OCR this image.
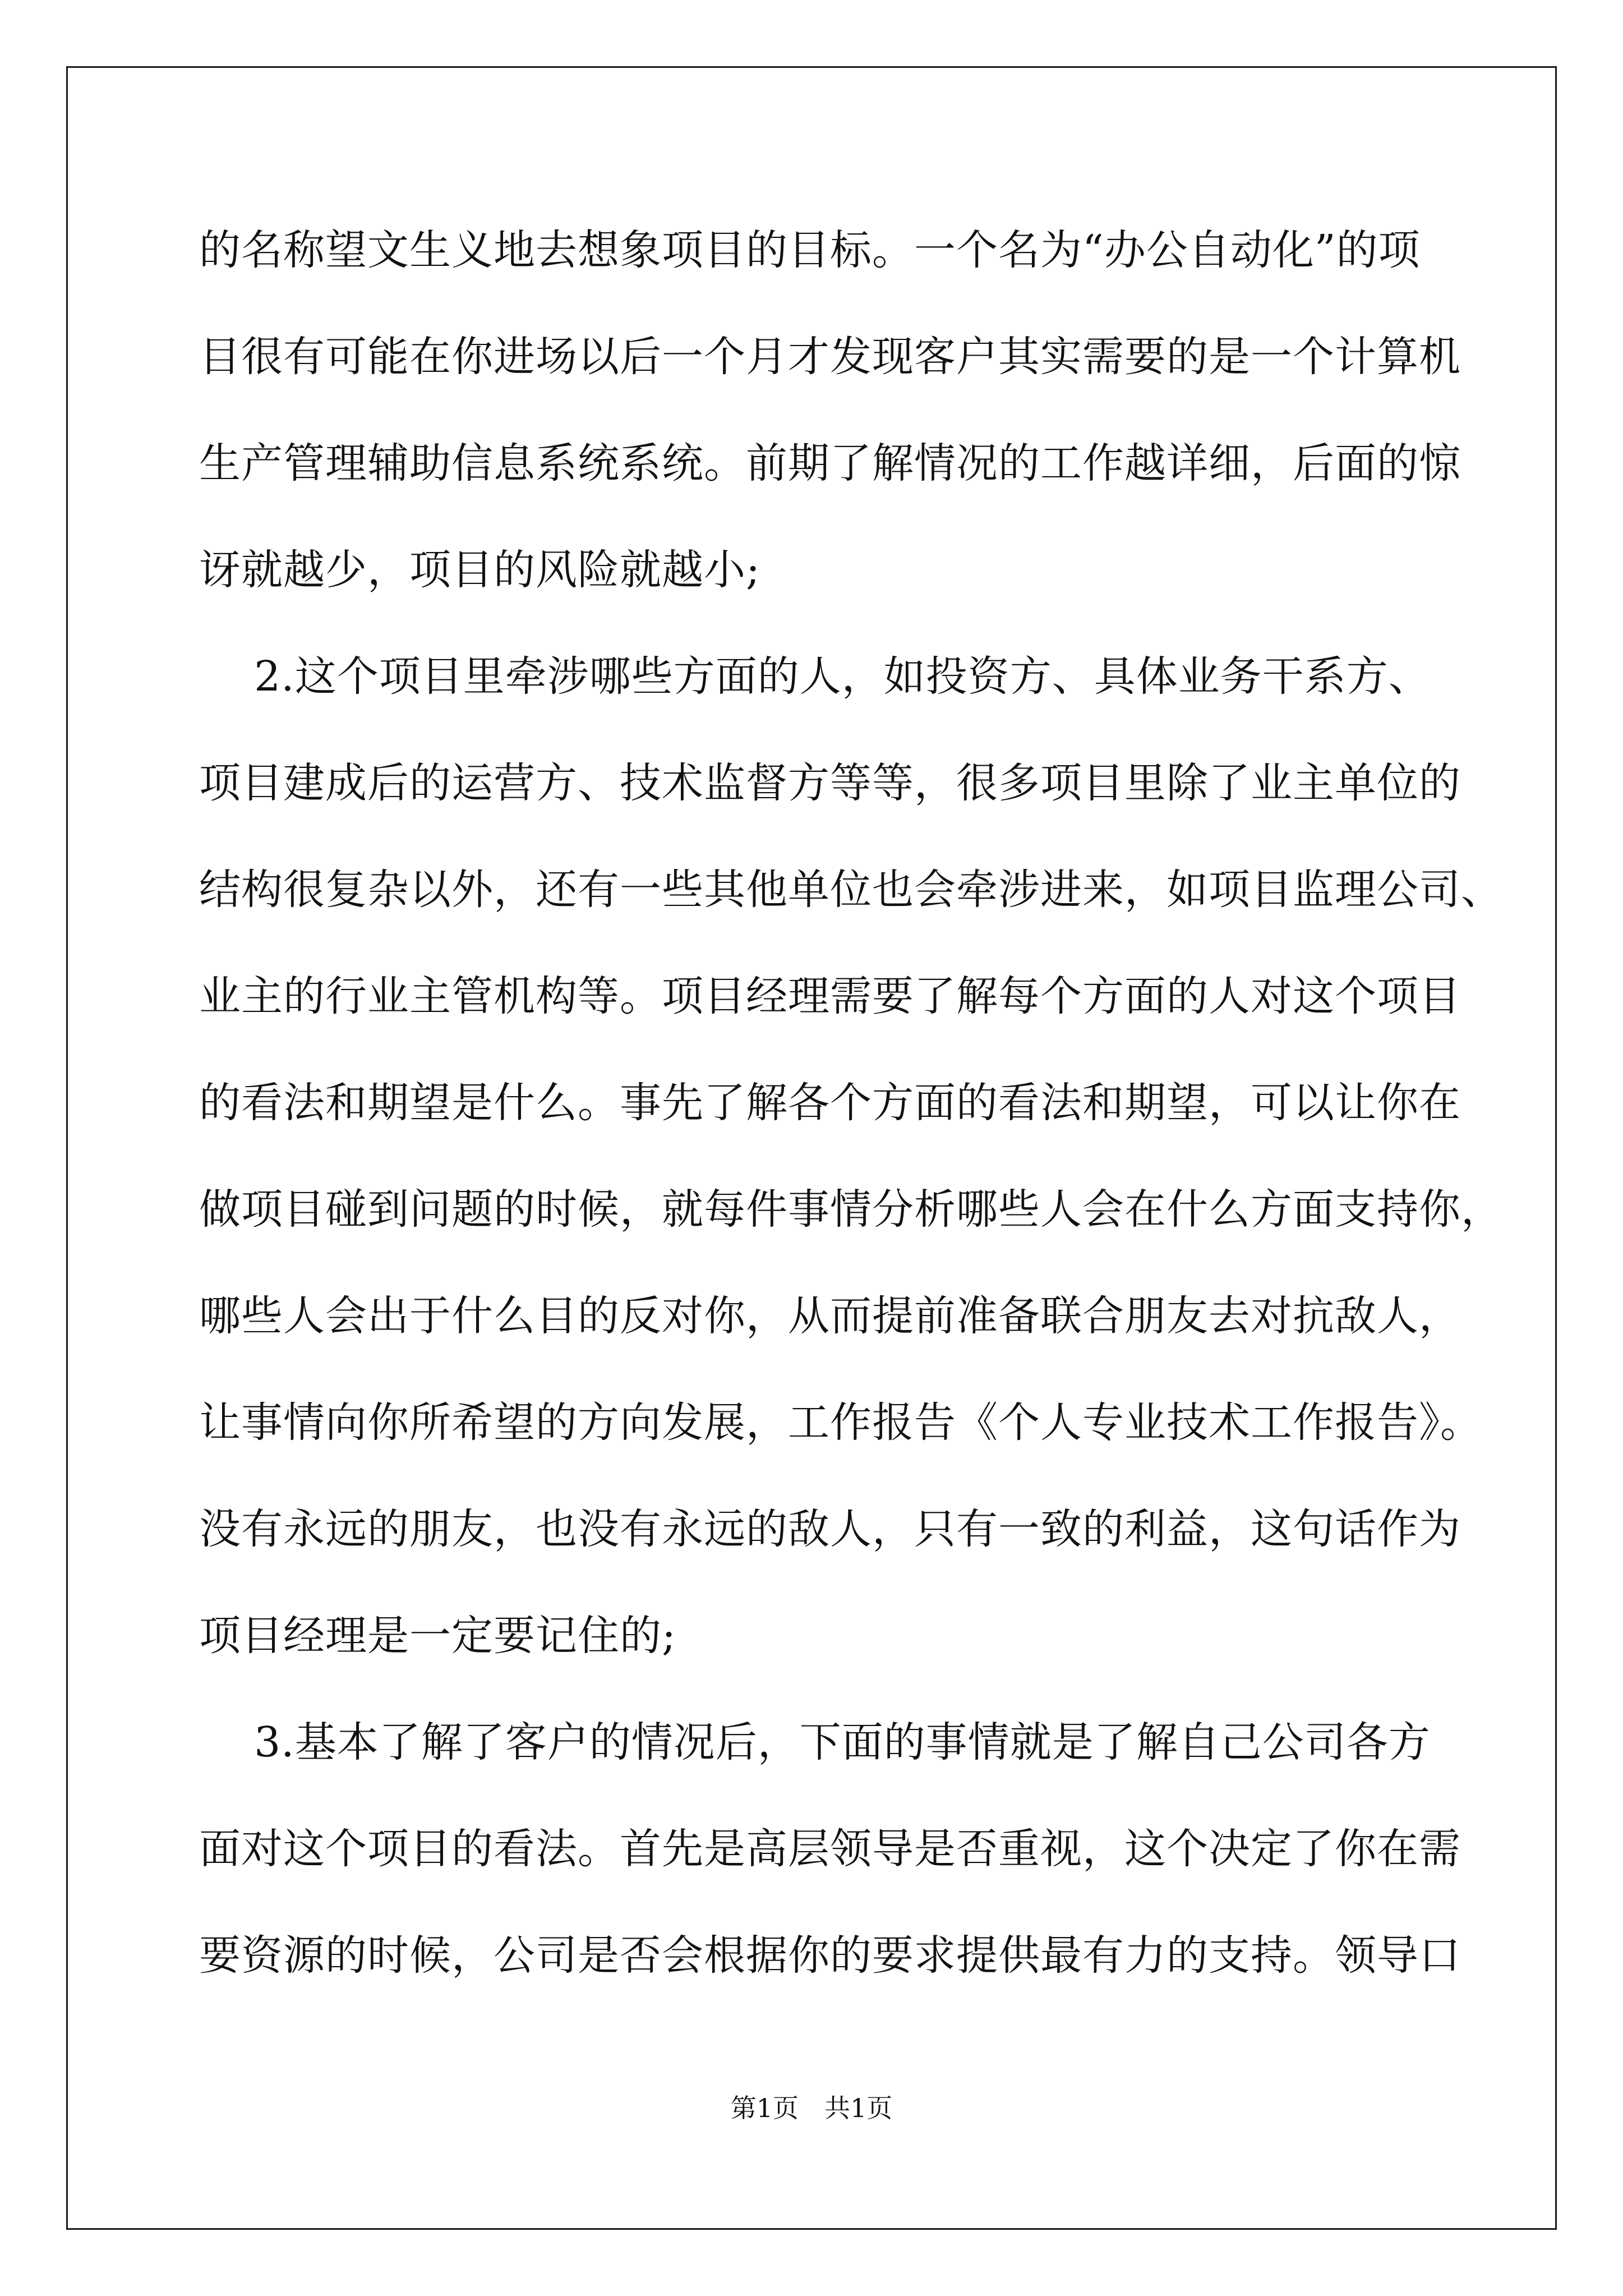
的名称望文生义地去想象项目的目标。一个名为“办公自动化”的项
目很有可能在你进场以后一个月才发现客户其实需要的是一个计算机
生产管理辅助信息系统系统。前期了解情况的工作越详细，后面的惊
讶就越少，项目的风险就越小;
2.这个项目里牵涉哪些方面的人，如投资方、具体业务干系方、
项目建成后的运营方、技术监督方等等，很多项目里除了业主单位的
结构很复杂以外，还有一些其他单位也会牵涉进来，如项目监理公司、
业主的行业主管机构等。项目经理需要了解每个方面的人对这个项目
的看法和期望是什么。事先了解各个方面的看法和期望，可以让你在
做项目碰到问题的时候，就每件事情分析哪些人会在什么方面支持你，
哪些人会出于什么目的反对你，从而提前准备联合朋友去对抗敌人，
让事情向你所希望的方向发展，工作报告《个人专业技术工作报告》。
没有永远的朋友，也没有永远的敌人，只有一致的利益，这句话作为
项目经理是一定要记住的;
3.基本了解了客户的情况后，下面的事情就是了解自己公司各方
面对这个项目的看法。首先是高层领导是否重视，这个决定了你在需
要资源的时候，公司是否会根据你的要求提供最有力的支持。领导口
第1页 共1页
